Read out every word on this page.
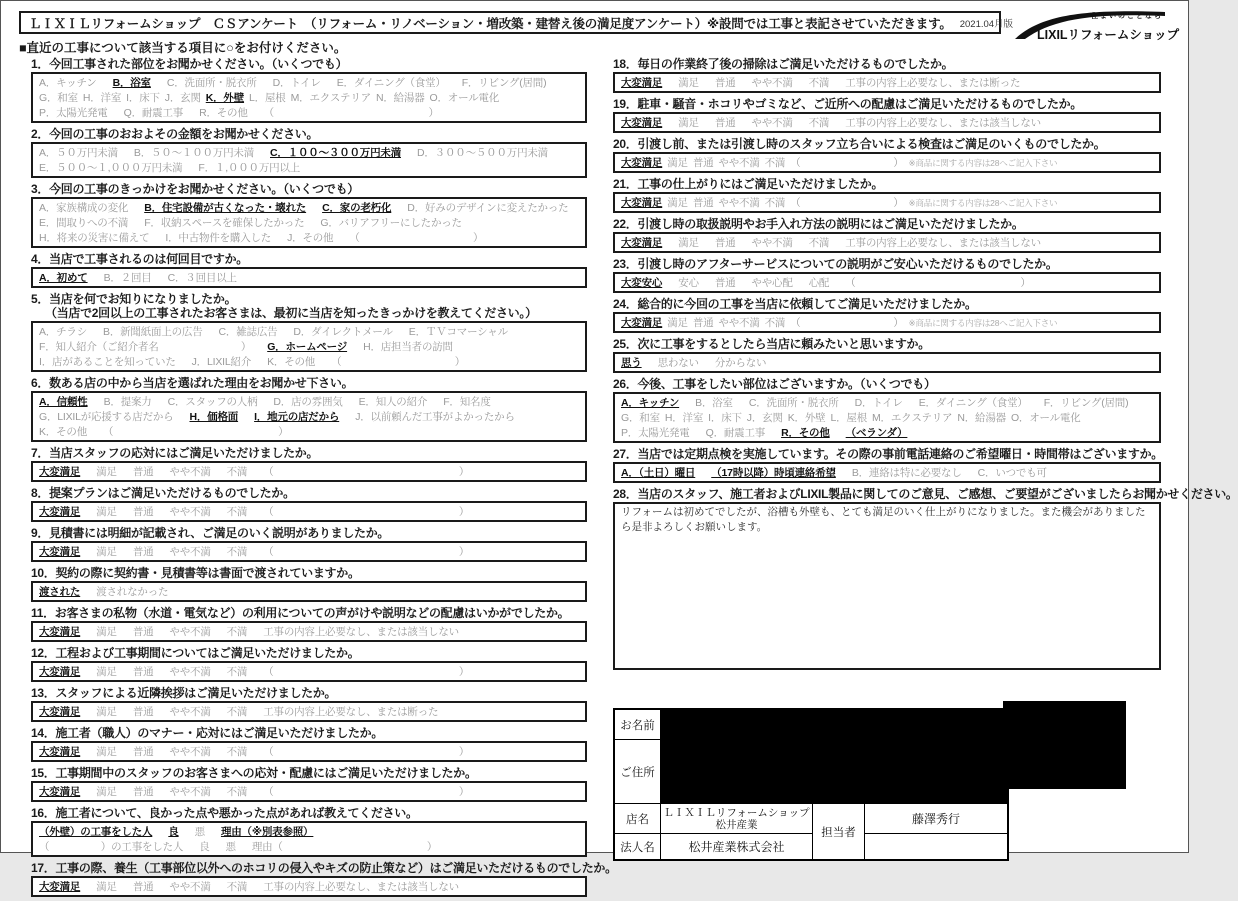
ＬＩＸＩＬリフォームショップ　ＣＳアンケート　（リフォーム・リノベーション・増改築・建替え後の満足度アンケート）※設問では工事と表記させていただきます。 2021.04月版
住まいのことなら
LIXILリフォームショップ
■直近の工事について該当する項目に○をお付けください。
1．今回工事された部位をお聞かせください。（いくつでも）
A．キッチン B．浴室 C．洗面所・脱衣所 D．トイレ E．ダイニング（食堂） F．リビング(居間)
G．和室 H．洋室 I．床下 J．玄関 K．外壁 L．屋根 M．エクステリア N．給湯器 O．オール電化
P．太陽光発電 Q．耐震工事 R．その他 （　　　　　　　　　　　　　　　）
2．今回の工事のおおよその金額をお聞かせください。
A．５０万円未満 B．５０～１００万円未満 C．１００～３００万円未満 D．３００～５００万円未満
E．５００～１,０００万円未満 F．１,０００万円以上
3．今回の工事のきっかけをお聞かせください。（いくつでも）
A．家族構成の変化 B．住宅設備が古くなった・壊れた C．家の老朽化 D．好みのデザインに変えたかった
E．間取りへの不満 F．収納スペースを確保したかった G．バリアフリーにしたかった
H．将来の災害に備えて I．中古物件を購入した J．その他 （　　　　　　　　　　　）
4．当店で工事されるのは何回目ですか。
A．初めて B．２回目 C．３回目以上
5．当店を何でお知りになりましたか。
（当店で2回以上の工事されたお客さまは、最初に当店を知ったきっかけを教えてください。）
A．チラシ B．新聞紙面上の広告 C．雑誌広告 D．ダイレクトメール E．ＴＶコマーシャル
F．知人紹介（ご紹介者名　　　　　　　　） G．ホームページ H．店担当者の訪問
I．店があることを知っていた J．LIXIL紹介 K．その他 （　　　　　　　　　　　）
6．数ある店の中から当店を選ばれた理由をお聞かせ下さい。
A．信頼性 B．提案力 C．スタッフの人柄 D．店の雰囲気 E．知人の紹介 F．知名度
G．LIXILが応援する店だから H．価格面 I．地元の店だから J．以前頼んだ工事がよかったから
K．その他 （　　　　　　　　　　　　　　　　）
7．当店スタッフの応対にはご満足いただけましたか。
大変満足 満足 普通 やや不満 不満 （　　　　　　　　　　　　　　　　　　）
8．提案プランはご満足いただけるものでしたか。
大変満足 満足 普通 やや不満 不満 （　　　　　　　　　　　　　　　　　　）
9．見積書には明細が記載され、ご満足のいく説明がありましたか。
大変満足 満足 普通 やや不満 不満 （　　　　　　　　　　　　　　　　　　）
10．契約の際に契約書・見積書等は書面で渡されていますか。
渡された 渡されなかった
11．お客さまの私物（水道・電気など）の利用についての声がけや説明などの配慮はいかがでしたか。
大変満足 満足 普通 やや不満 不満 工事の内容上必要なし、または該当しない
12．工程および工事期間についてはご満足いただけましたか。
大変満足 満足 普通 やや不満 不満 （　　　　　　　　　　　　　　　　　　）
13．スタッフによる近隣挨拶はご満足いただけましたか。
大変満足 満足 普通 やや不満 不満 工事の内容上必要なし、または断った
14．施工者（職人）のマナー・応対にはご満足いただけましたか。
大変満足 満足 普通 やや不満 不満 （　　　　　　　　　　　　　　　　　　）
15．工事期間中のスタッフのお客さまへの応対・配慮にはご満足いただけましたか。
大変満足 満足 普通 やや不満 不満 （　　　　　　　　　　　　　　　　　　）
16．施工者について、良かった点や悪かった点があれば教えてください。
（外壁）の工事をした人 良 悪 理由（※別表参照）
（　　　　　）の工事をした人 良 悪 理由（　　　　　　　　　　　　　　）
17．工事の際、養生（工事部位以外へのホコリの侵入やキズの防止策など）はご満足いただけるものでしたか。
大変満足 満足 普通 やや不満 不満 工事の内容上必要なし、または該当しない
18．毎日の作業終了後の掃除はご満足いただけるものでしたか。
大変満足 満足 普通 やや不満 不満 工事の内容上必要なし、または断った
19．駐車・騒音・ホコリやゴミなど、ご近所への配慮はご満足いただけるものでしたか。
大変満足 満足 普通 やや不満 不満 工事の内容上必要なし、または該当しない
20．引渡し前、または引渡し時のスタッフ立ち合いによる検査はご満足のいくものでしたか。
大変満足 満足 普通 やや不満 不満 （　　　　　　　　　） ※商品に関する内容は28へご記入下さい
21．工事の仕上がりにはご満足いただけましたか。
大変満足 満足 普通 やや不満 不満 （　　　　　　　　　） ※商品に関する内容は28へご記入下さい
22．引渡し時の取扱説明やお手入れ方法の説明にはご満足いただけましたか。
大変満足 満足 普通 やや不満 不満 工事の内容上必要なし、または該当しない
23．引渡し時のアフターサービスについての説明がご安心いただけるものでしたか。
大変安心 安心 普通 やや心配 心配 （　　　　　　　　　　　　　　　　）
24．総合的に今回の工事を当店に依頼してご満足いただけましたか。
大変満足 満足 普通 やや不満 不満 （　　　　　　　　　） ※商品に関する内容は28へご記入下さい
25．次に工事をするとしたら当店に頼みたいと思いますか。
思う 思わない 分からない
26．今後、工事をしたい部位はございますか。（いくつでも）
A．キッチン B．浴室 C．洗面所・脱衣所 D．トイレ E．ダイニング（食堂） F．リビング(居間)
G．和室 H．洋室 I．床下 J．玄関 K．外壁 L．屋根 M．エクステリア N．給湯器 O．オール電化
P．太陽光発電 Q．耐震工事 R．その他 （ベランダ）
27．当店では定期点検を実施しています。その際の事前電話連絡のご希望曜日・時間帯はございますか。
A．（土日）曜日 （17時以降）時頃連絡希望 B．連絡は特に必要なし C．いつでも可
28．当店のスタッフ、施工者およびLIXIL製品に関してのご意見、ご感想、ご要望がございましたらお聞かせください。
リフォームは初めてでしたが、浴槽も外壁も、とても満足のいく仕上がりになりました。また機会がありましたら是非よろしくお願いします。
お名前
ご住所
店名
ＬＩＸＩＬリフォームショップ
松井産業
担当者
藤澤秀行
法人名	松井産業株式会社
